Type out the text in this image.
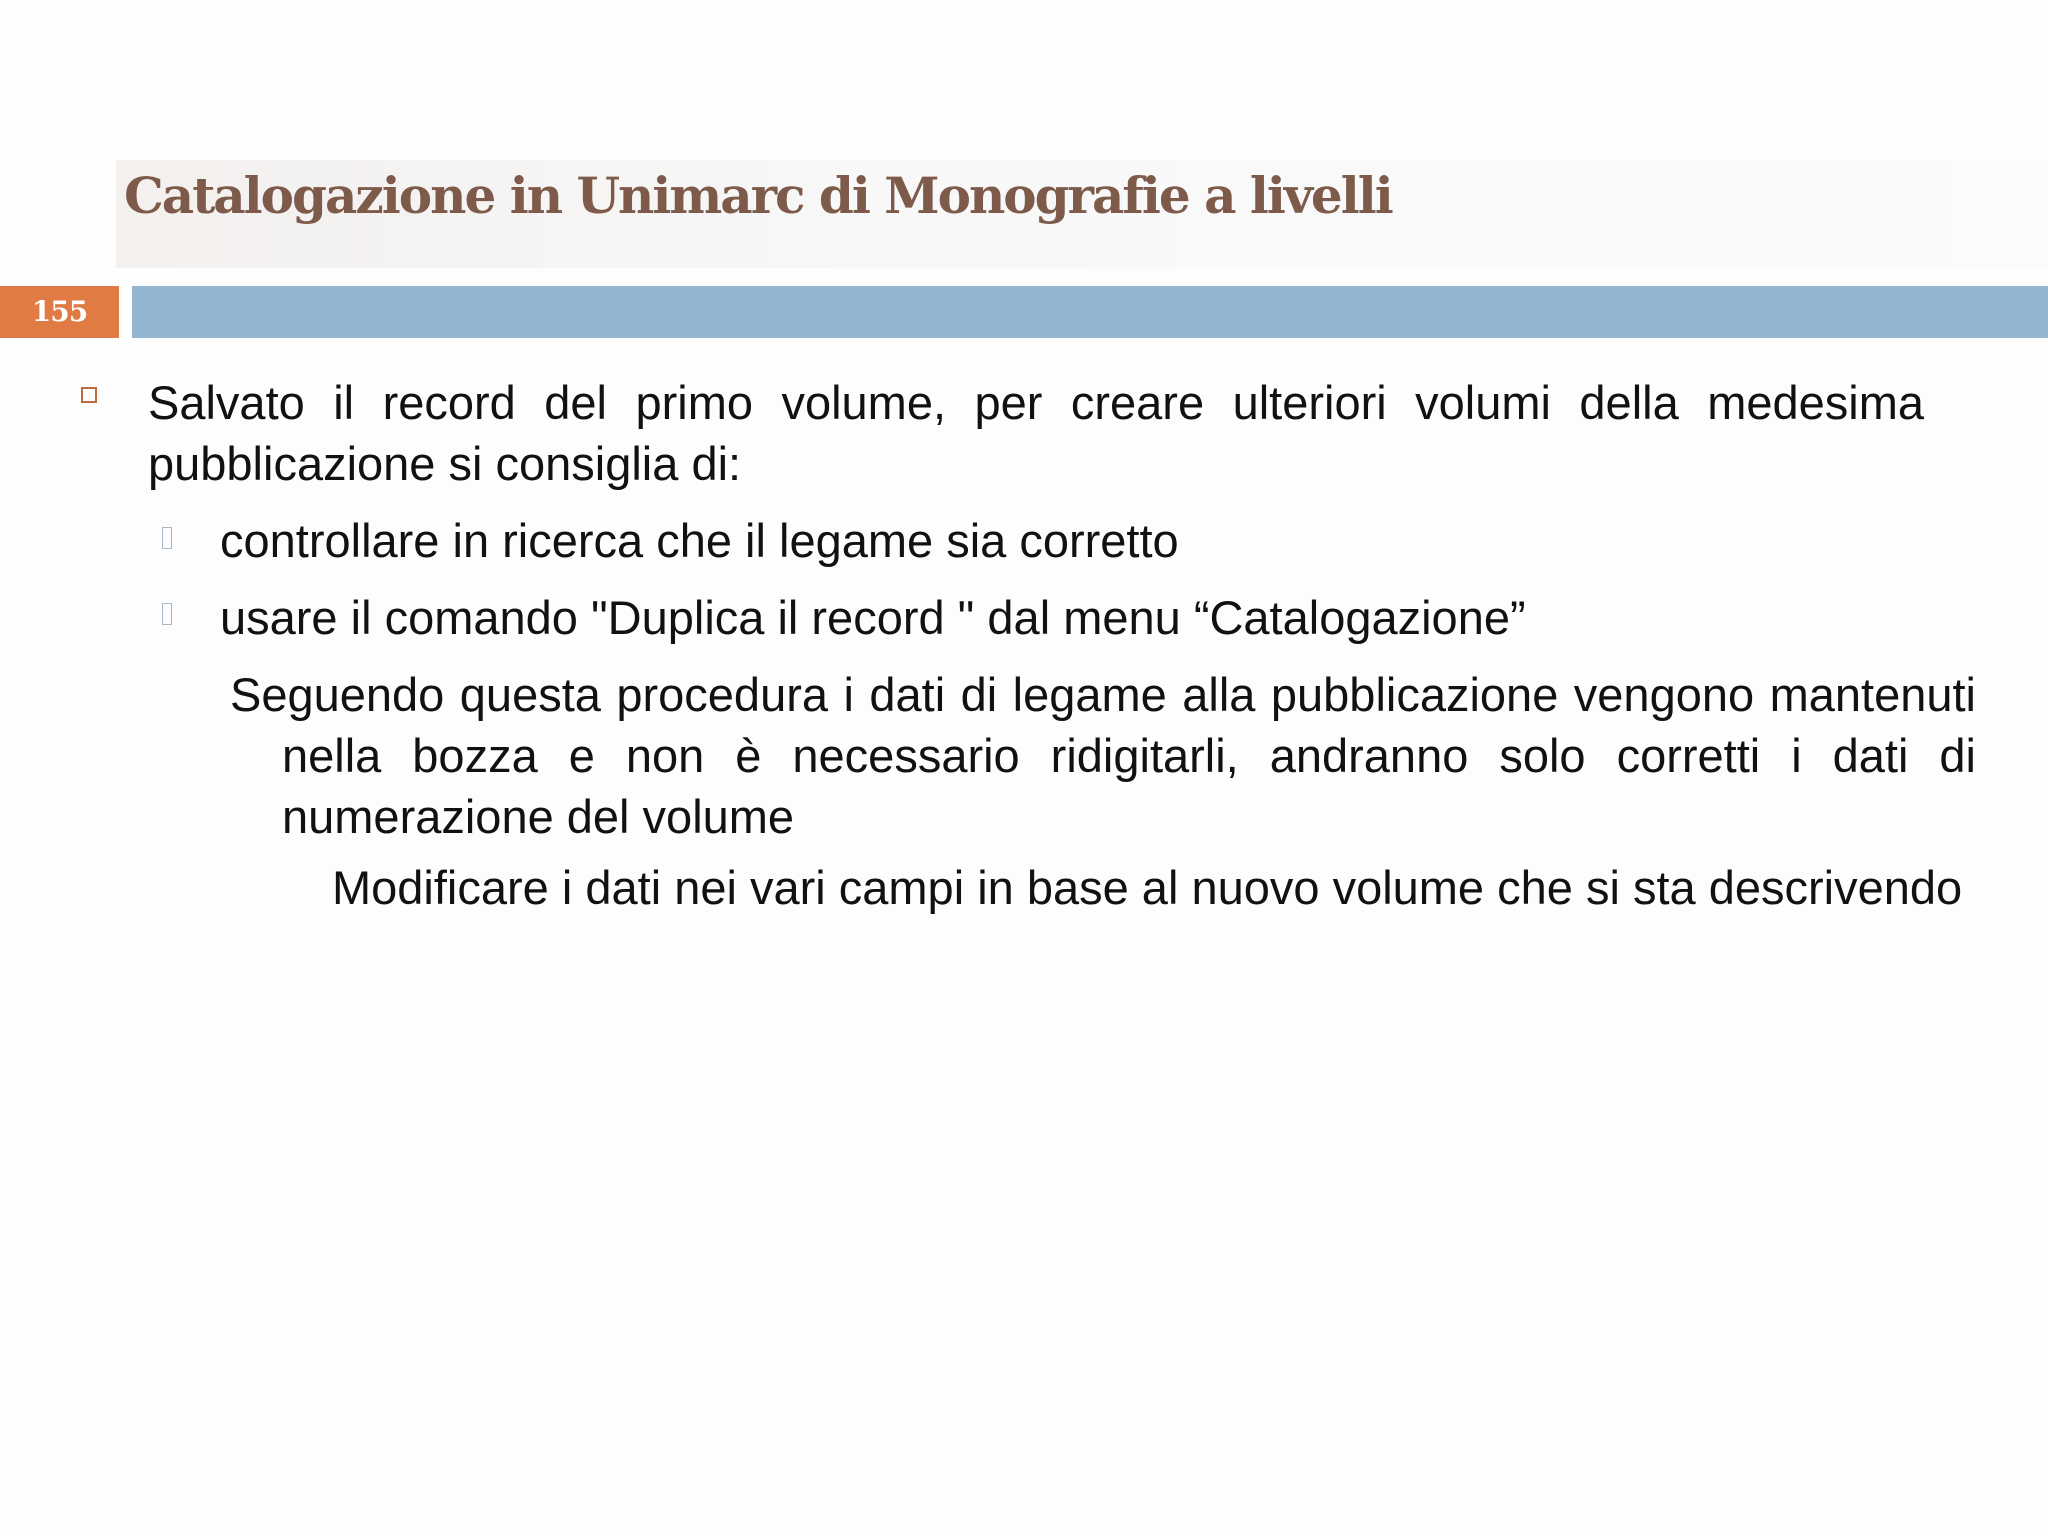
Catalogazione in Unimarc di Monografie a livelli
155

Salvato il record del primo volume, per creare ulteriori volumi della medesima pubblicazione si consiglia di:

controllare in ricerca che il legame sia corretto

usare il comando "Duplica il record " dal menu “Catalogazione”

Seguendo questa procedura i dati di legame alla pubblicazione vengono mantenuti nella bozza e non è necessario ridigitarli, andranno solo corretti i dati di numerazione del volume

Modificare i dati nei vari campi in base al nuovo volume che si sta descrivendo
